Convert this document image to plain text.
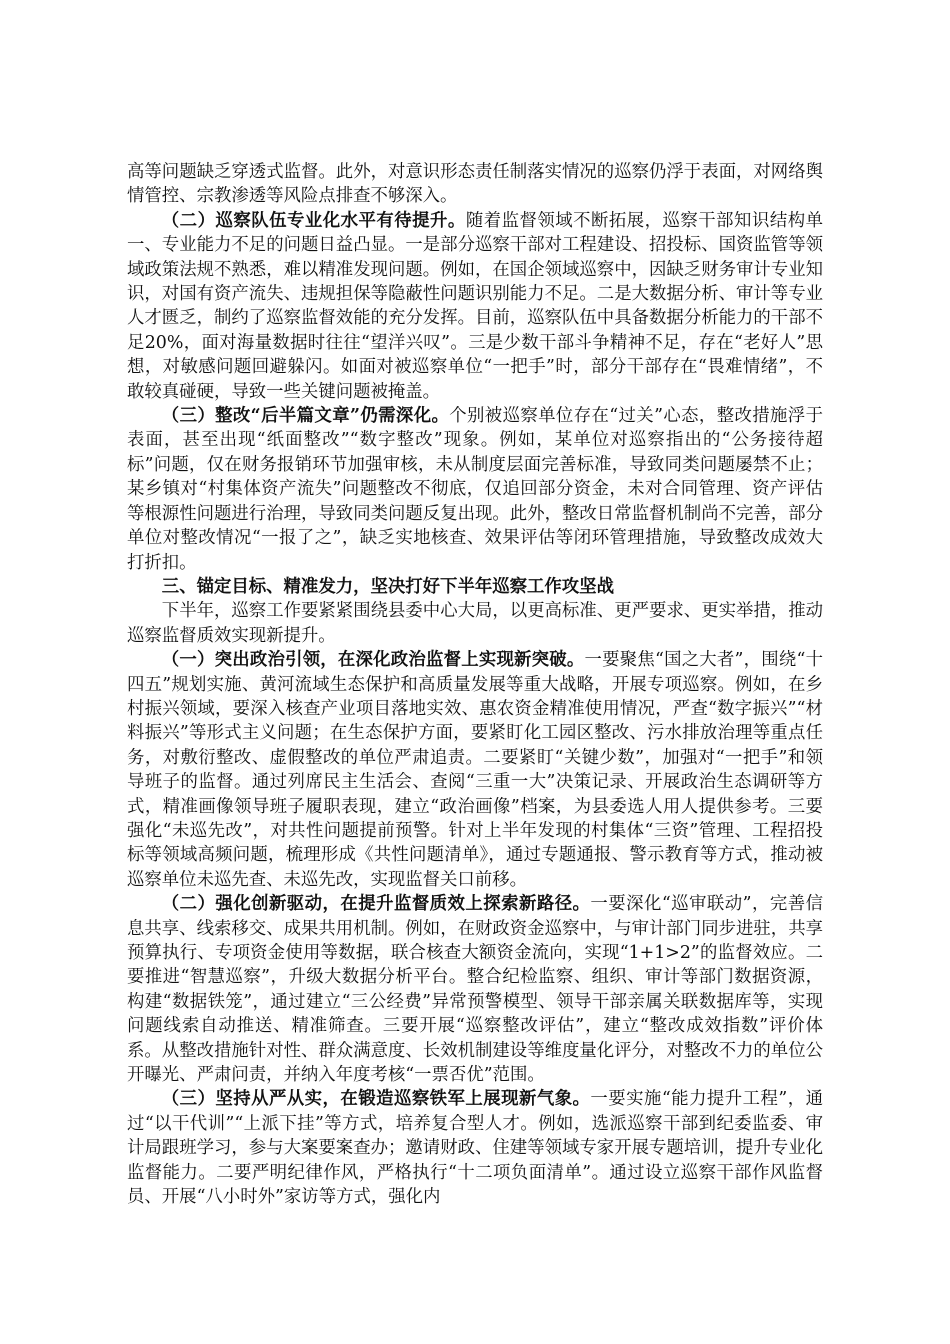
高等问题缺乏穿透式监督。此外，对意识形态责任制落实情况的巡察仍浮于表面，对网络舆情管控、宗教渗透等风险点排查不够深入。

（二）巡察队伍专业化水平有待提升。随着监督领域不断拓展，巡察干部知识结构单一、专业能力不足的问题日益凸显。一是部分巡察干部对工程建设、招投标、国资监管等领域政策法规不熟悉，难以精准发现问题。例如，在国企领域巡察中，因缺乏财务审计专业知识，对国有资产流失、违规担保等隐蔽性问题识别能力不足。二是大数据分析、审计等专业人才匮乏，制约了巡察监督效能的充分发挥。目前，巡察队伍中具备数据分析能力的干部不足20%，面对海量数据时往往“望洋兴叹”。三是少数干部斗争精神不足，存在“老好人”思想，对敏感问题回避躲闪。如面对被巡察单位“一把手”时，部分干部存在“畏难情绪”，不敢较真碰硬，导致一些关键问题被掩盖。

（三）整改“后半篇文章”仍需深化。个别被巡察单位存在“过关”心态，整改措施浮于表面，甚至出现“纸面整改”“数字整改”现象。例如，某单位对巡察指出的“公务接待超标”问题，仅在财务报销环节加强审核，未从制度层面完善标准，导致同类问题屡禁不止；某乡镇对“村集体资产流失”问题整改不彻底，仅追回部分资金，未对合同管理、资产评估等根源性问题进行治理，导致同类问题反复出现。此外，整改日常监督机制尚不完善，部分单位对整改情况“一报了之”，缺乏实地核查、效果评估等闭环管理措施，导致整改成效大打折扣。

三、锚定目标、精准发力，坚决打好下半年巡察工作攻坚战

下半年，巡察工作要紧紧围绕县委中心大局，以更高标准、更严要求、更实举措，推动巡察监督质效实现新提升。

（一）突出政治引领，在深化政治监督上实现新突破。一要聚焦“国之大者”，围绕“十四五”规划实施、黄河流域生态保护和高质量发展等重大战略，开展专项巡察。例如，在乡村振兴领域，要深入核查产业项目落地实效、惠农资金精准使用情况，严查“数字振兴”“材料振兴”等形式主义问题；在生态保护方面，要紧盯化工园区整改、污水排放治理等重点任务，对敷衍整改、虚假整改的单位严肃追责。二要紧盯“关键少数”，加强对“一把手”和领导班子的监督。通过列席民主生活会、查阅“三重一大”决策记录、开展政治生态调研等方式，精准画像领导班子履职表现，建立“政治画像”档案，为县委选人用人提供参考。三要强化“未巡先改”，对共性问题提前预警。针对上半年发现的村集体“三资”管理、工程招投标等领域高频问题，梳理形成《共性问题清单》，通过专题通报、警示教育等方式，推动被巡察单位未巡先查、未巡先改，实现监督关口前移。

（二）强化创新驱动，在提升监督质效上探索新路径。一要深化“巡审联动”，完善信息共享、线索移交、成果共用机制。例如，在财政资金巡察中，与审计部门同步进驻，共享预算执行、专项资金使用等数据，联合核查大额资金流向，实现“1+1>2”的监督效应。二要推进“智慧巡察”，升级大数据分析平台。整合纪检监察、组织、审计等部门数据资源，构建“数据铁笼”，通过建立“三公经费”异常预警模型、领导干部亲属关联数据库等，实现问题线索自动推送、精准筛查。三要开展“巡察整改评估”，建立“整改成效指数”评价体系。从整改措施针对性、群众满意度、长效机制建设等维度量化评分，对整改不力的单位公开曝光、严肃问责，并纳入年度考核“一票否优”范围。

（三）坚持从严从实，在锻造巡察铁军上展现新气象。一要实施“能力提升工程”，通过“以干代训”“上派下挂”等方式，培养复合型人才。例如，选派巡察干部到纪委监委、审计局跟班学习，参与大案要案查办；邀请财政、住建等领域专家开展专题培训，提升专业化监督能力。二要严明纪律作风，严格执行“十二项负面清单”。通过设立巡察干部作风监督员、开展“八小时外”家访等方式，强化内
